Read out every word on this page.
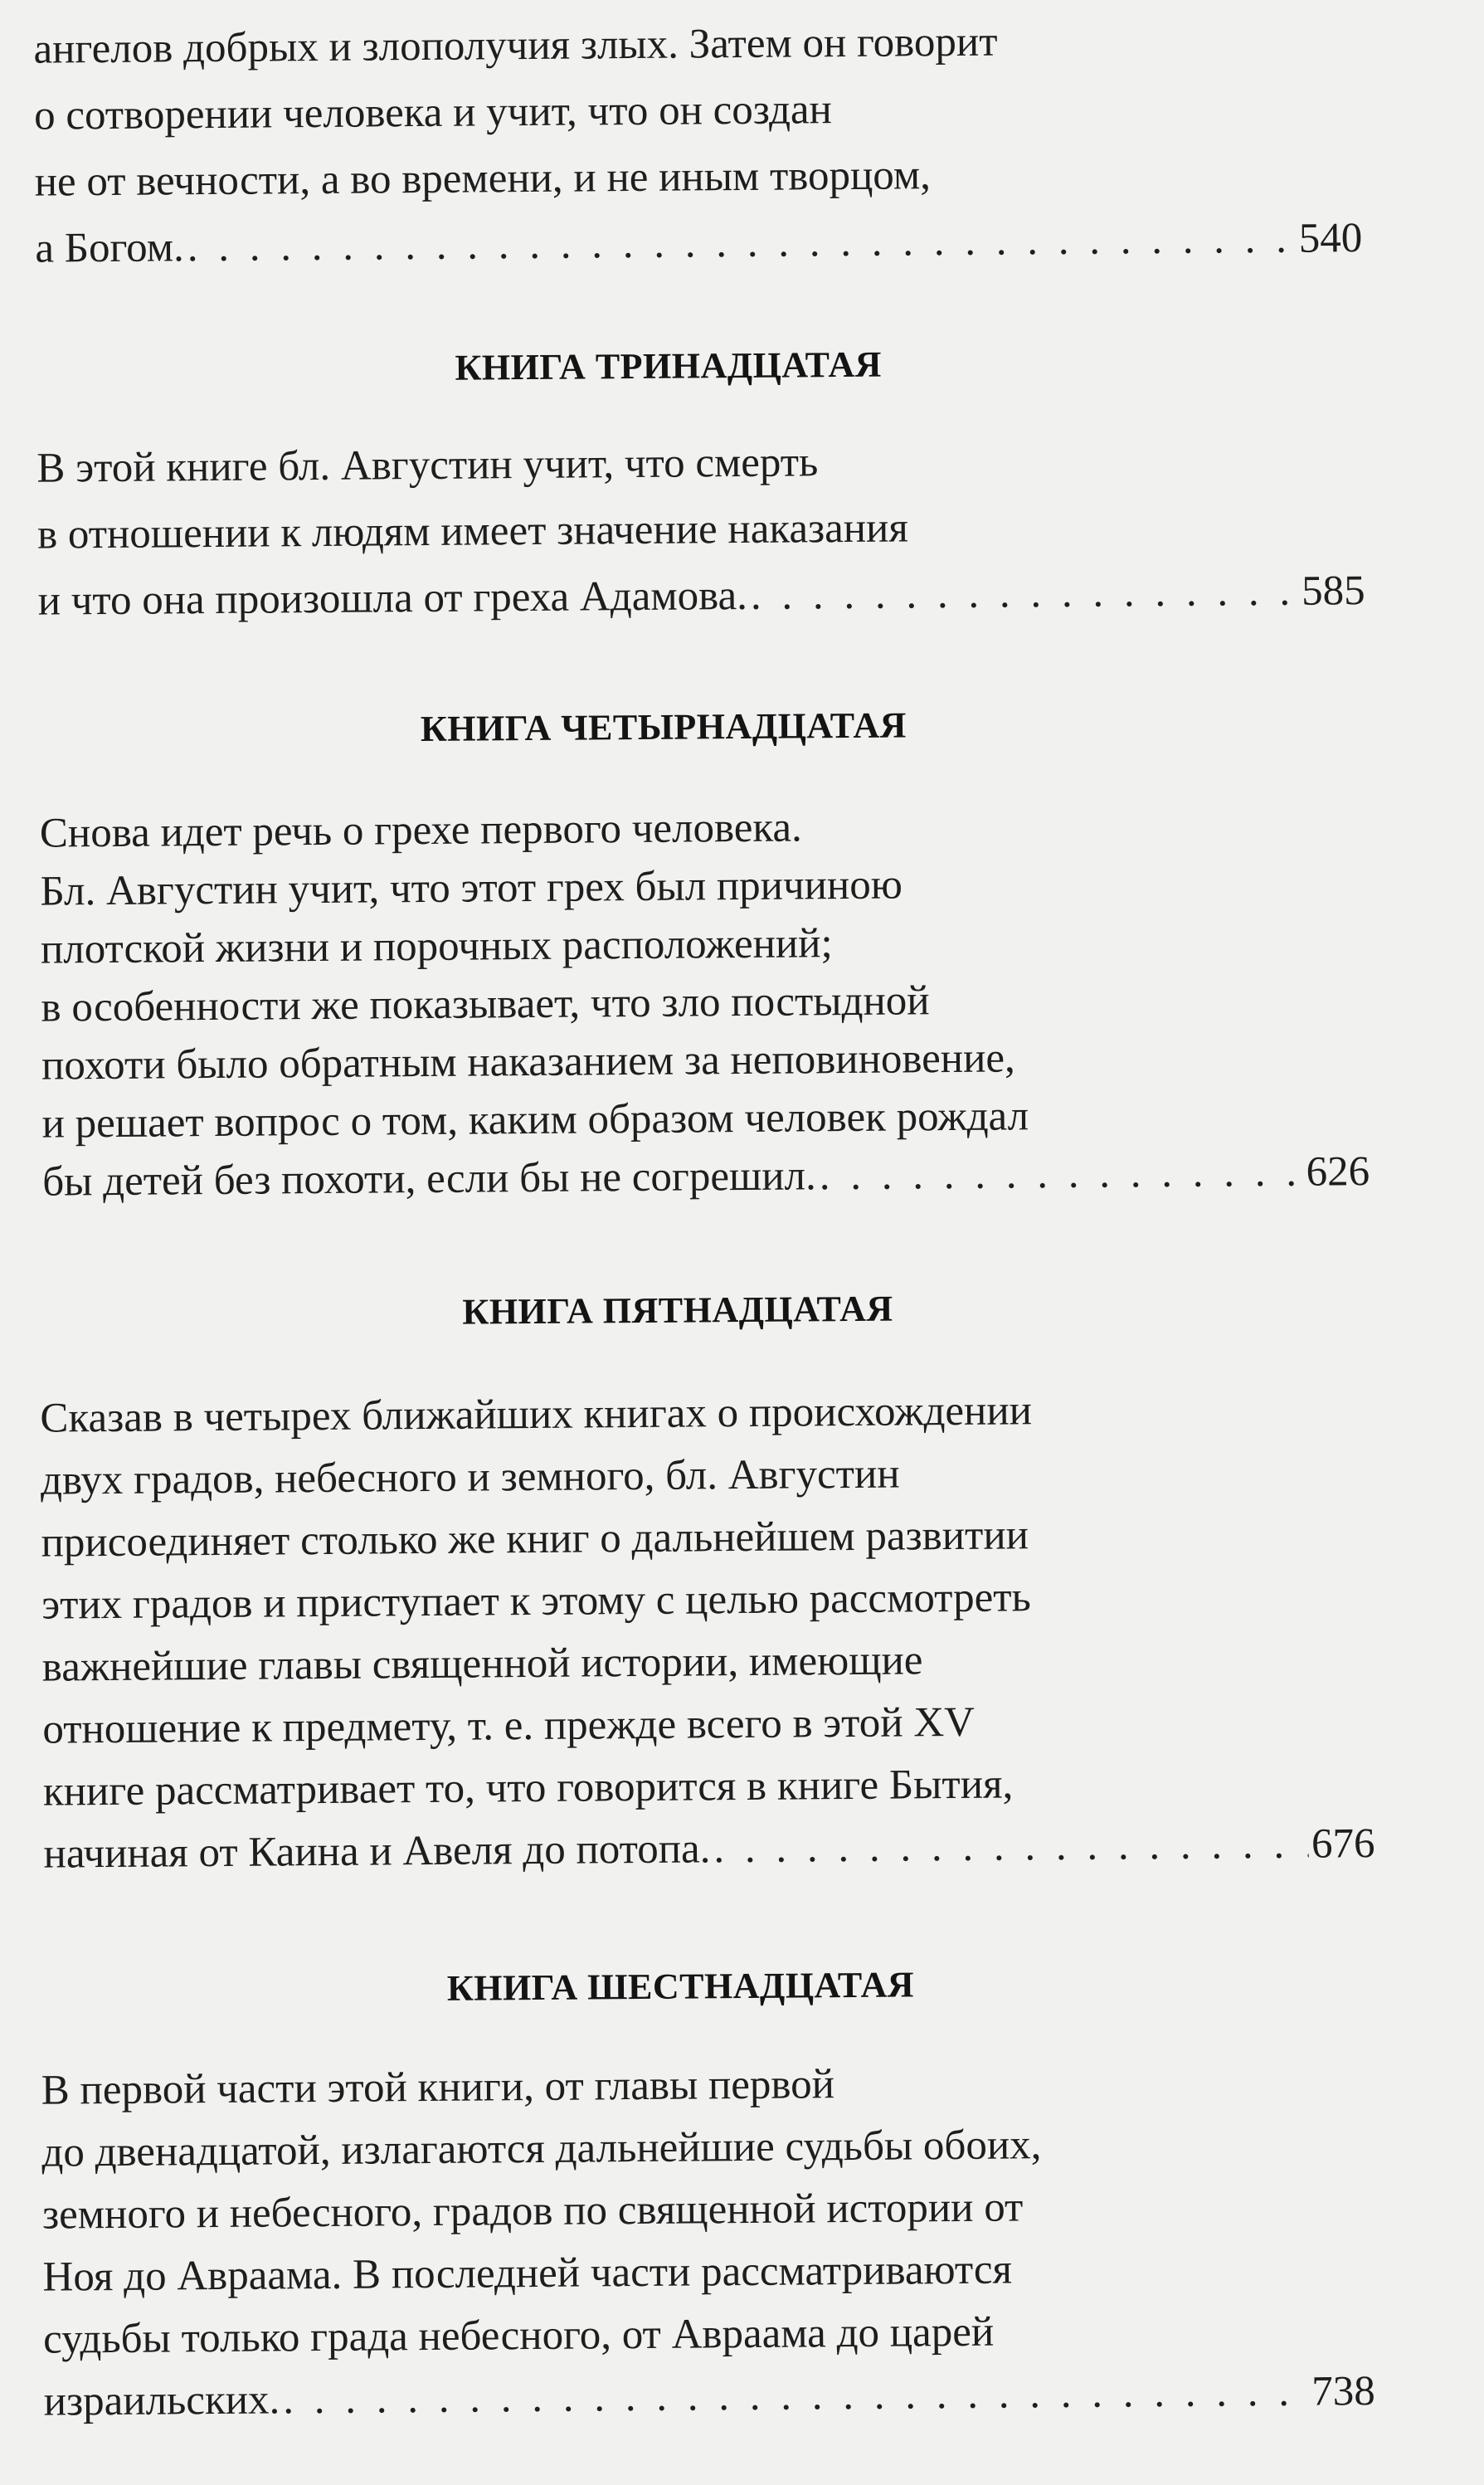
ангелов добрых и злополучия злых. Затем он говорит
о сотворении человека и учит, что он создан
не от вечности, а во времени, и не иным творцом,
а Богом. . . .	540
КНИГА ТРИНАДЦАТАЯ
В этой книге бл. Августин учит, что смерть
в отношении к людям имеет значение наказания
и что она произошла от греха Адамова. . . .	585
КНИГА ЧЕТЫРНАДЦАТАЯ
Снова идет речь о грехе первого человека.
Бл. Августин учит, что этот грех был причиною
плотской жизни и порочных расположений;
в особенности же показывает, что зло постыдной
похоти было обратным наказанием за неповиновение,
и решает вопрос о том, каким образом человек рождал
бы детей без похоти, если бы не согрешил. . . .	626
КНИГА ПЯТНАДЦАТАЯ
Сказав в четырех ближайших книгах о происхождении
двух градов, небесного и земного, бл. Августин
присоединяет столько же книг о дальнейшем развитии
этих градов и приступает к этому с целью рассмотреть
важнейшие главы священной истории, имеющие
отношение к предмету, т. е. прежде всего в этой XV
книге рассматривает то, что говорится в книге Бытия,
начиная от Каина и Авеля до потопа. . . .	676
КНИГА ШЕСТНАДЦАТАЯ
В первой части этой книги, от главы первой
до двенадцатой, излагаются дальнейшие судьбы обоих,
земного и небесного, градов по священной истории от
Ноя до Авраама. В последней части рассматриваются
судьбы только града небесного, от Авраама до царей
израильских. . . .	738
